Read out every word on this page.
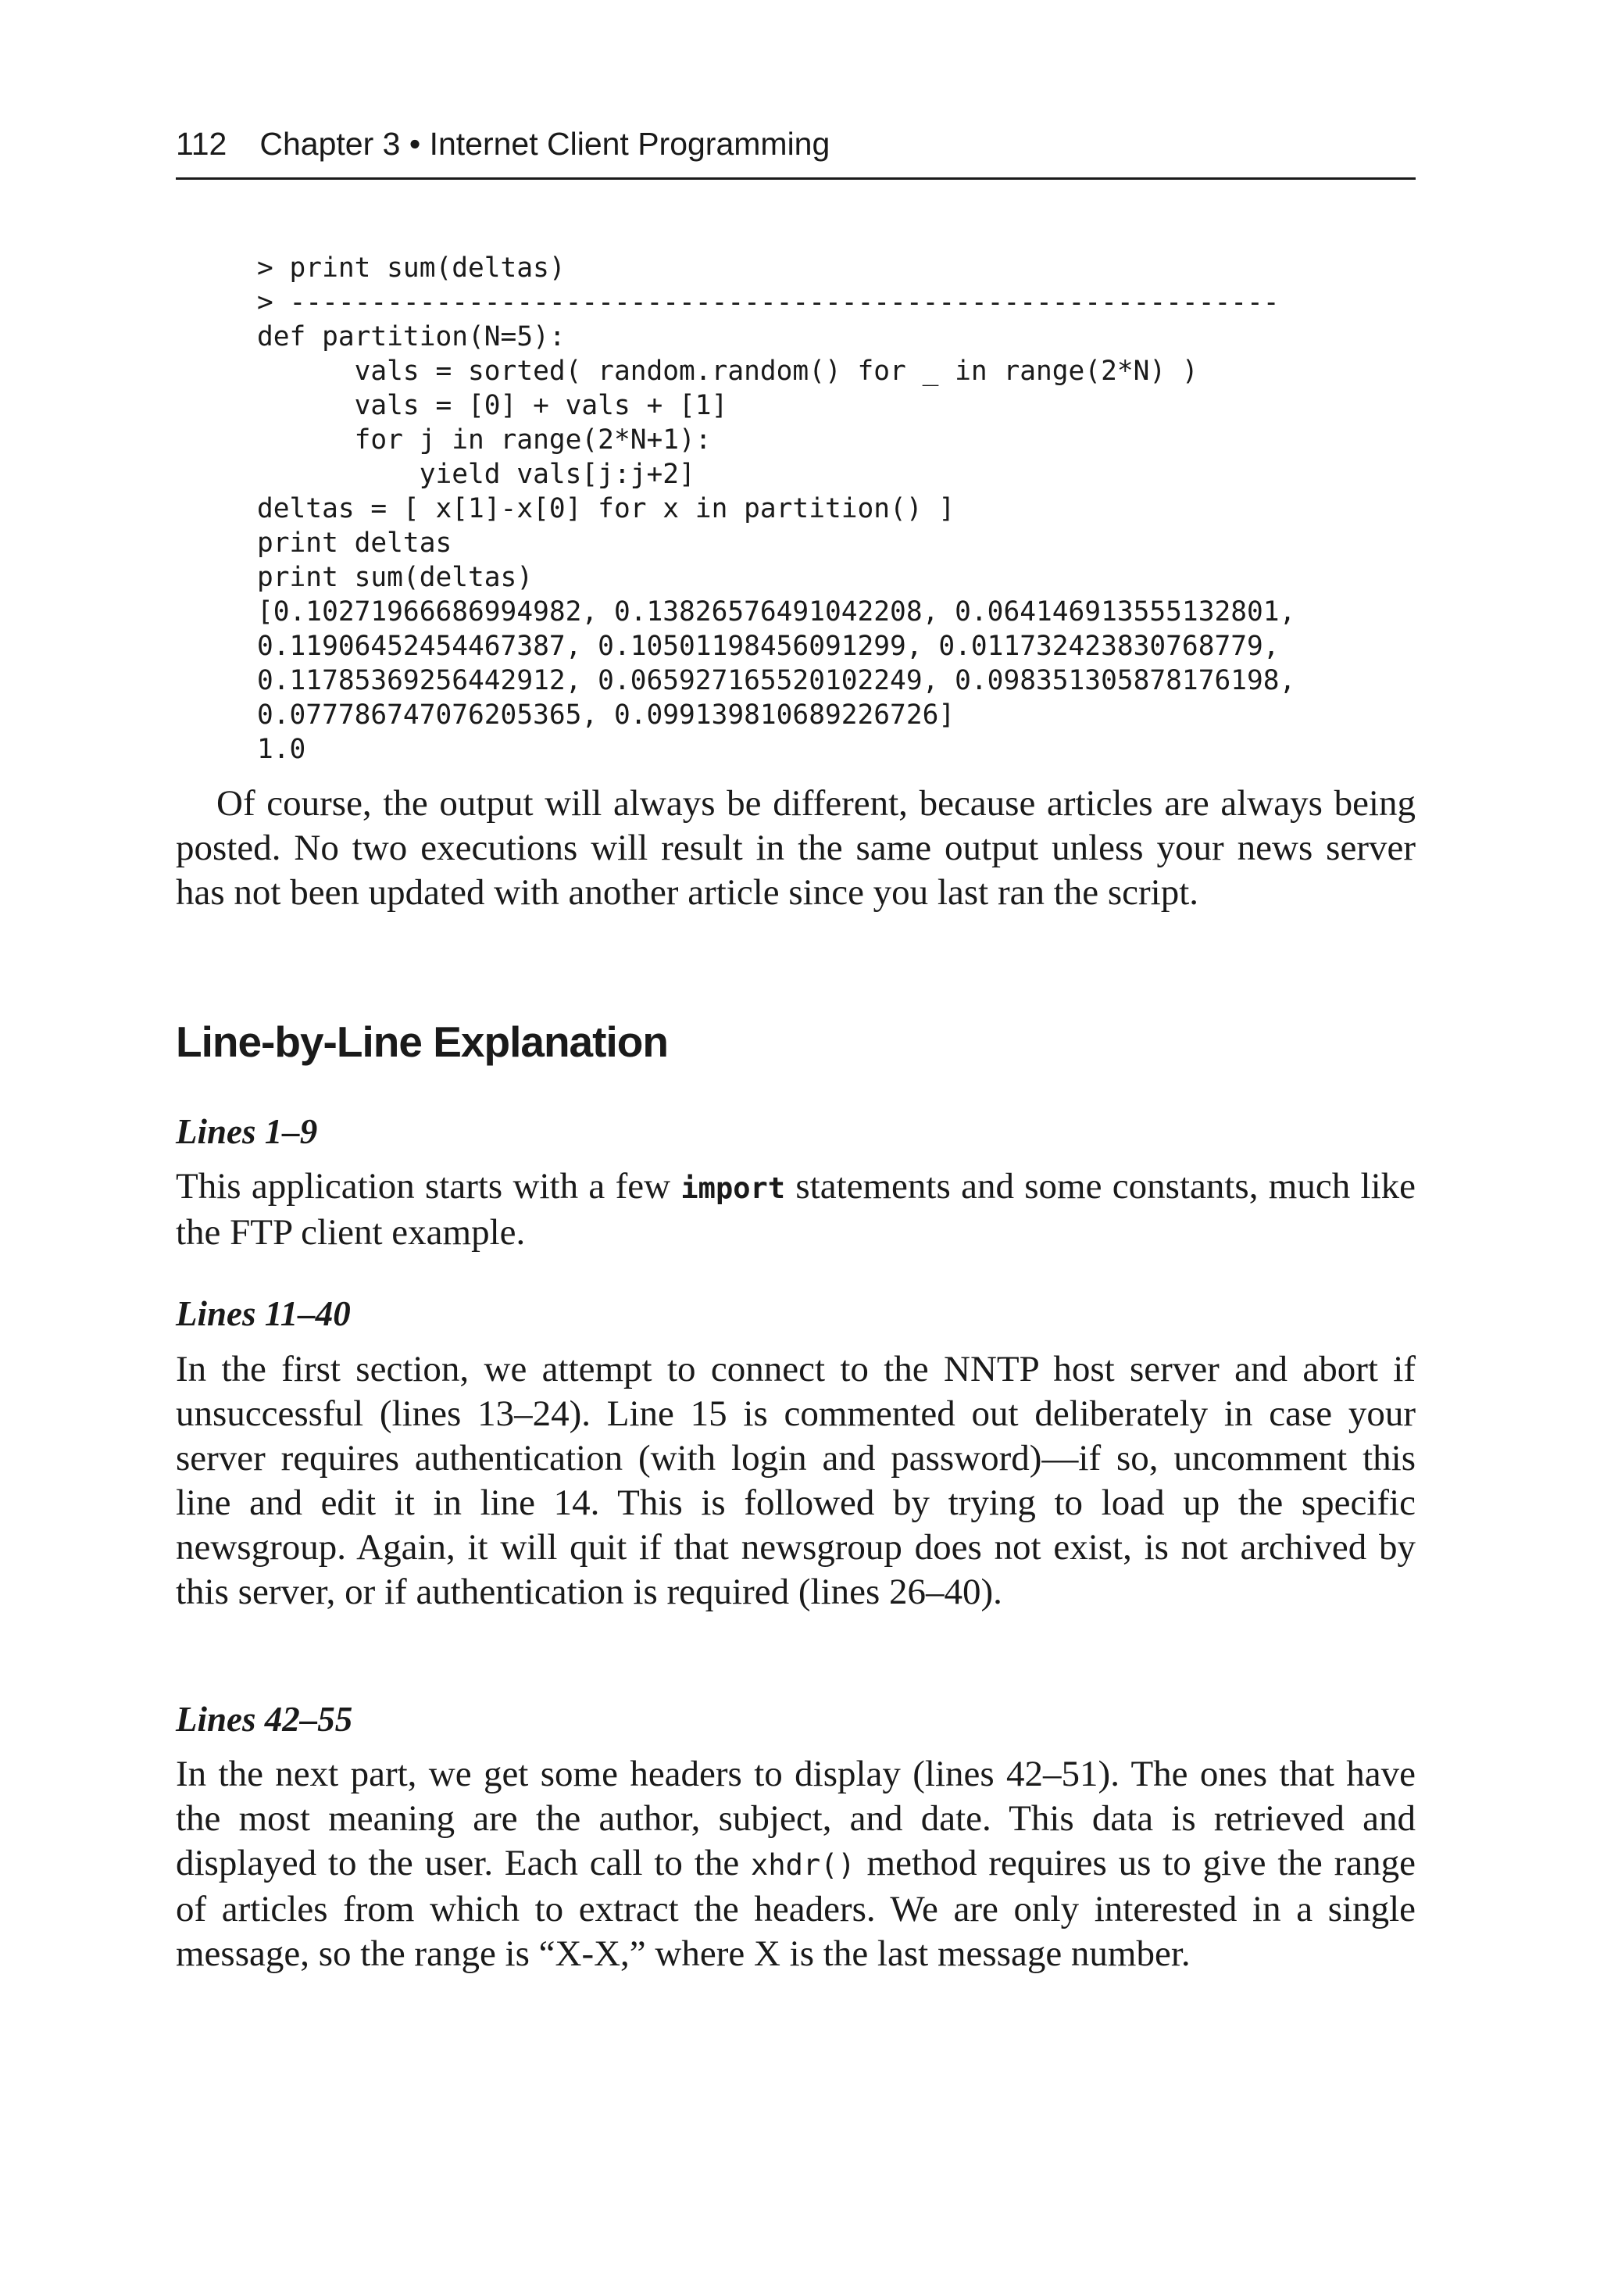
112 Chapter 3 • Internet Client Programming
> print sum(deltas)
> -------------------------------------------------------------
def partition(N=5):
vals = sorted( random.random() for _ in range(2*N) )
vals = [0] + vals + [1]
for j in range(2*N+1):
yield vals[j:j+2]
deltas = [ x[1]-x[0] for x in partition() ]
print deltas
print sum(deltas)
[0.10271966686994982, 0.13826576491042208, 0.064146913555132801,
0.11906452454467387, 0.10501198456091299, 0.011732423830768779,
0.11785369256442912, 0.065927165520102249, 0.098351305878176198,
0.077786747076205365, 0.099139810689226726]
1.0

Of course, the output will always be different, because articles are always being posted. No two executions will result in the same output unless your news server has not been updated with another article since you last ran the script.

Line-by-Line Explanation
Lines 1–9

This application starts with a few import statements and some constants, much like the FTP client example.

Lines 11–40

In the first section, we attempt to connect to the NNTP host server and abort if unsuccessful (lines 13–24). Line 15 is commented out deliberately in case your server requires authentication (with login and password)—if so, uncomment this line and edit it in line 14. This is followed by trying to load up the specific newsgroup. Again, it will quit if that newsgroup does not exist, is not archived by this server, or if authentication is required (lines 26–40).

Lines 42–55

In the next part, we get some headers to display (lines 42–51). The ones that have the most meaning are the author, subject, and date. This data is retrieved and displayed to the user. Each call to the xhdr() method requires us to give the range of articles from which to extract the headers. We are only interested in a single message, so the range is “X-X,” where X is the last message number.
